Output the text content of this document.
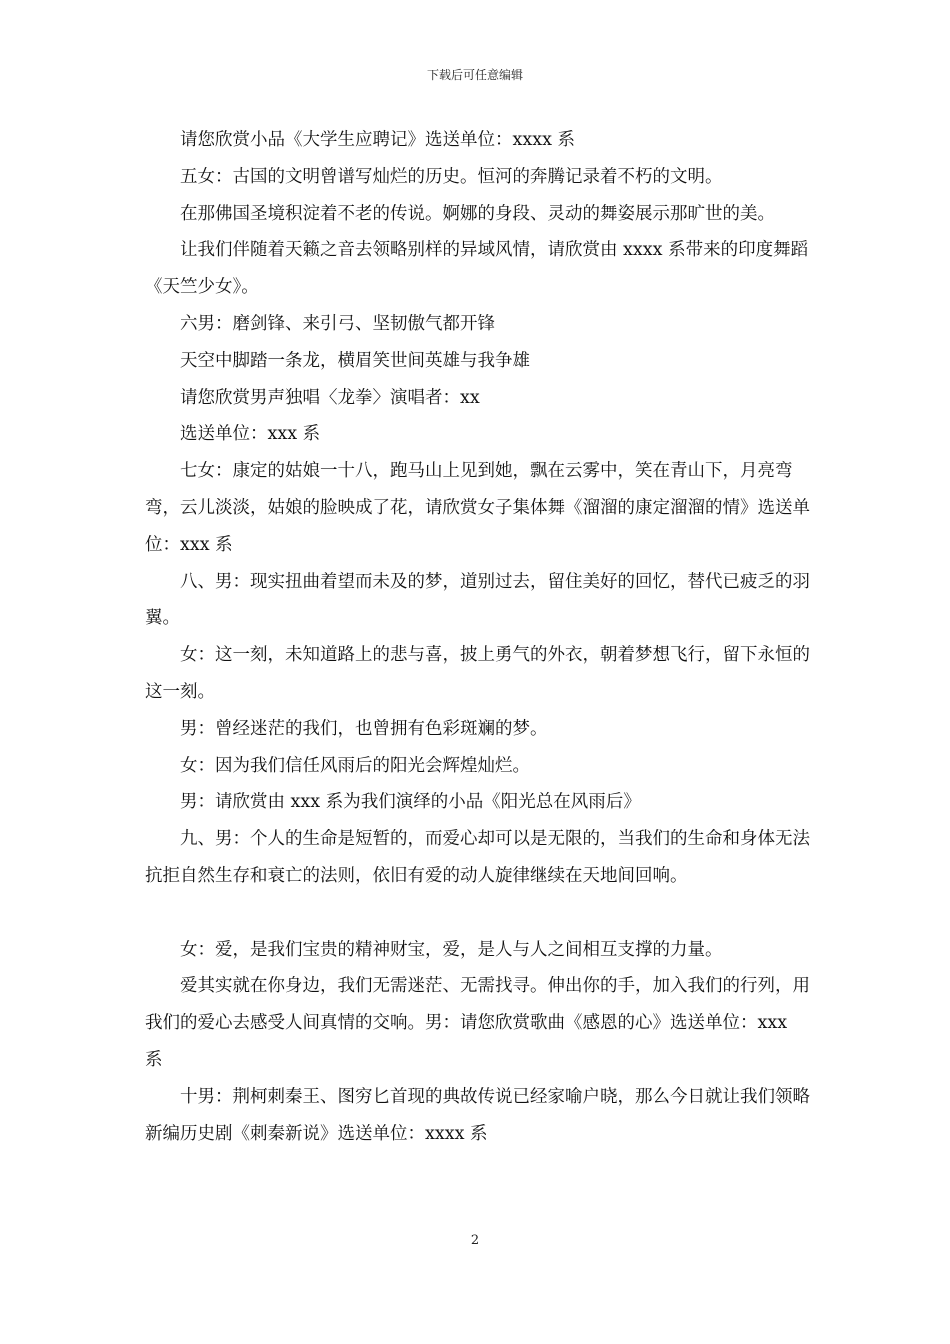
下载后可任意编辑

请您欣赏小品《大学生应聘记》选送单位：xxxx 系

五女：古国的文明曾谱写灿烂的历史。恒河的奔腾记录着不朽的文明。

在那佛国圣境积淀着不老的传说。婀娜的身段、灵动的舞姿展示那旷世的美。

让我们伴随着天籁之音去领略别样的异域风情，请欣赏由 xxxx 系带来的印度舞蹈《天竺少女》。

六男：磨剑锋、来引弓、坚韧傲气都开锋

天空中脚踏一条龙，横眉笑世间英雄与我争雄

请您欣赏男声独唱〈龙拳〉演唱者：xx

选送单位：xxx 系

七女：康定的姑娘一十八，跑马山上见到她，飘在云雾中，笑在青山下，月亮弯弯，云儿淡淡，姑娘的脸映成了花，请欣赏女子集体舞《溜溜的康定溜溜的情》选送单位：xxx 系

八、男：现实扭曲着望而未及的梦，道别过去，留住美好的回忆，替代已疲乏的羽翼。

女：这一刻，未知道路上的悲与喜，披上勇气的外衣，朝着梦想飞行，留下永恒的这一刻。

男：曾经迷茫的我们，也曾拥有色彩斑斓的梦。

女：因为我们信任风雨后的阳光会辉煌灿烂。

男：请欣赏由 xxx 系为我们演绎的小品《阳光总在风雨后》

九、男：个人的生命是短暂的，而爱心却可以是无限的，当我们的生命和身体无法抗拒自然生存和衰亡的法则，依旧有爱的动人旋律继续在天地间回响。

女：爱，是我们宝贵的精神财宝，爱，是人与人之间相互支撑的力量。

爱其实就在你身边，我们无需迷茫、无需找寻。伸出你的手，加入我们的行列，用我们的爱心去感受人间真情的交响。男：请您欣赏歌曲《感恩的心》选送单位：xxx 系

十男：荆柯刺秦王、图穷匕首现的典故传说已经家喻户晓，那么今日就让我们领略新编历史剧《刺秦新说》选送单位：xxxx 系

2
